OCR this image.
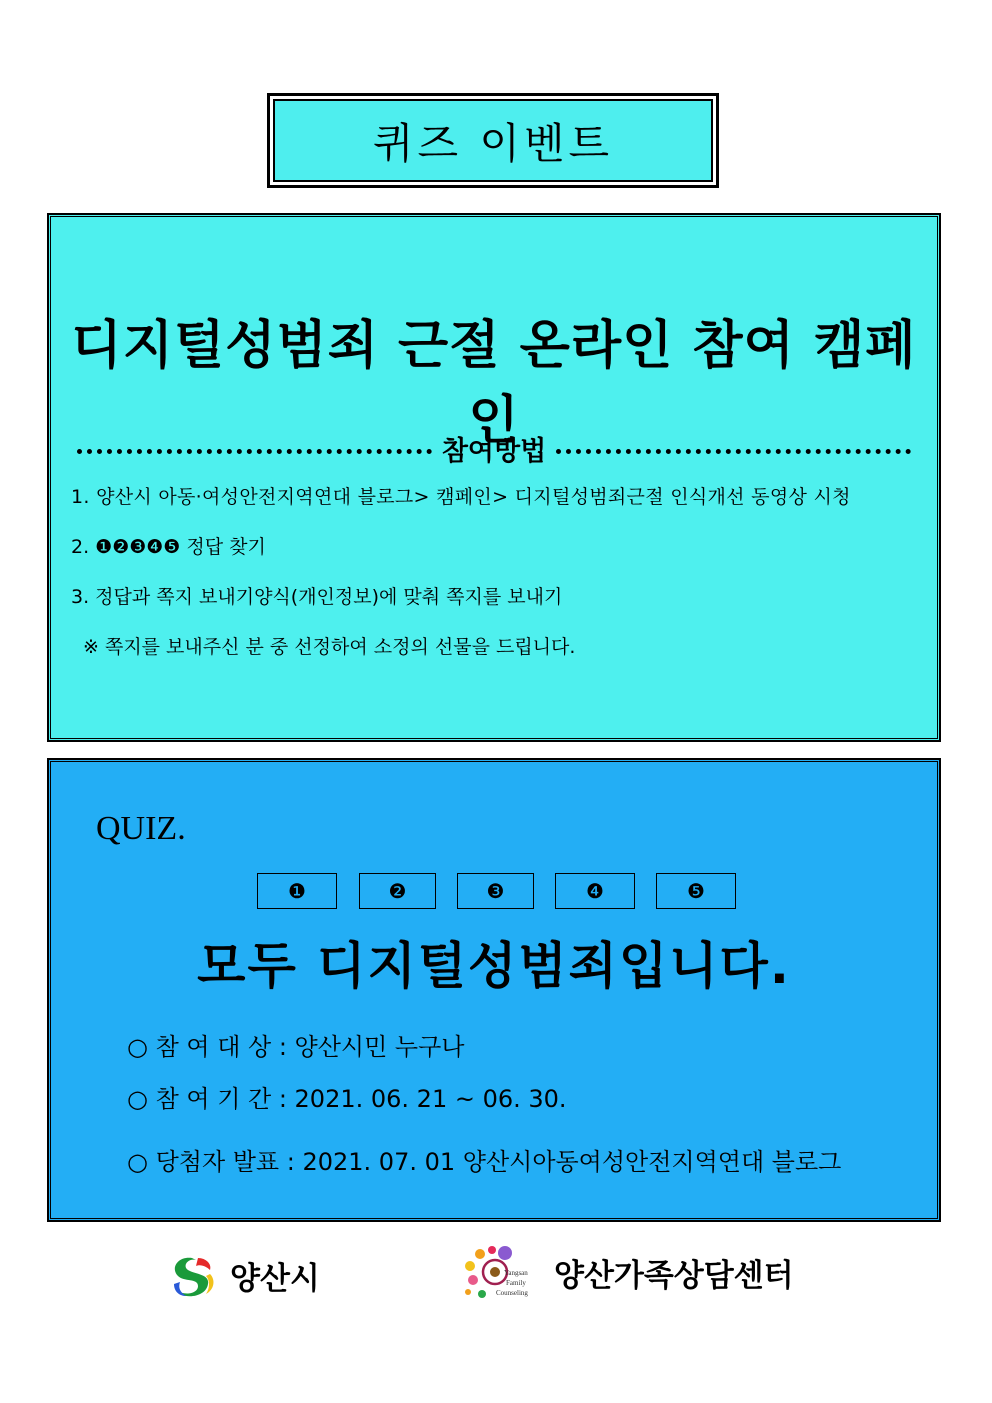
퀴즈 이벤트
디지털성범죄 근절 온라인 참여 캠페인
참여방법
1. 양산시 아동·여성안전지역연대 블로그> 캠페인> 디지털성범죄근절 인식개선 동영상 시청
2. ❶❷❸❹❺ 정답 찾기
3. 정답과 쪽지 보내기양식(개인정보)에 맞춰 쪽지를 보내기
※ 쪽지를 보내주신 분 중 선정하여 소정의 선물을 드립니다.
QUIZ.
❶	❷	❸	❹	❺
모두 디지털성범죄입니다.
○ 참 여 대 상 : 양산시민 누구나
○ 참 여 기 간 : 2021. 06. 21 ~ 06. 30.
○ 당첨자 발표 : 2021. 07. 01 양산시아동여성안전지역연대 블로그
양산시	Yangsan
Family
Counseling 양산가족상담센터
